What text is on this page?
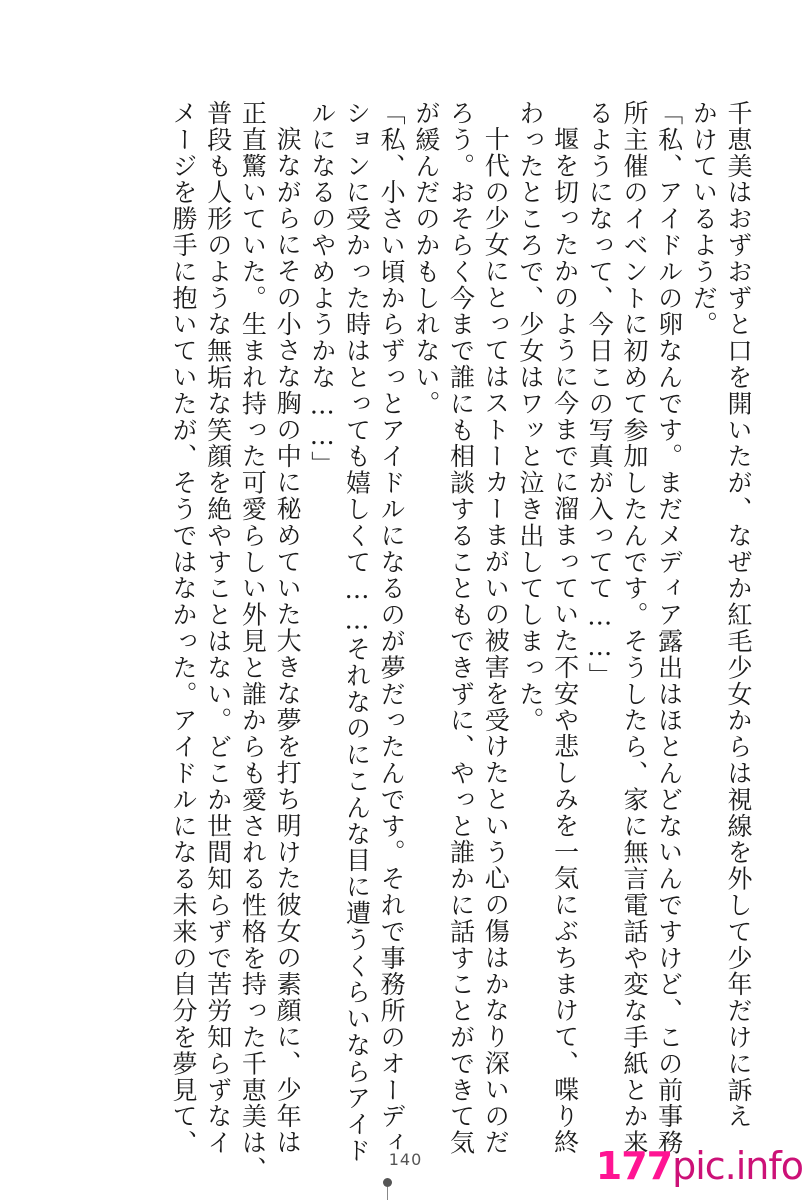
千恵美はおずおずと口を開いたが、なぜか紅毛少女からは視線を外して少年だけに訴え
かけているようだ。
「私、アイドルの卵なんです。まだメディア露出はほとんどないんですけど、この前事務
所主催のイベントに初めて参加したんです。そうしたら、家に無言電話や変な手紙とか来
るようになって、今日この写真が入ってて……」
堰を切ったかのように今までに溜まっていた不安や悲しみを一気にぶちまけて、喋り終
わったところで、少女はワッと泣き出してしまった。
十代の少女にとってはストーカーまがいの被害を受けたという心の傷はかなり深いのだ
ろう。おそらく今まで誰にも相談することもできずに、やっと誰かに話すことができて気
が緩んだのかもしれない。
「私、小さい頃からずっとアイドルになるのが夢だったんです。それで事務所のオーディ
ションに受かった時はとっても嬉しくて……それなのにこんな目に遭うくらいならアイド
ルになるのやめようかな……」
涙ながらにその小さな胸の中に秘めていた大きな夢を打ち明けた彼女の素顔に、少年は
正直驚いていた。生まれ持った可愛らしい外見と誰からも愛される性格を持った千恵美は、
普段も人形のような無垢な笑顔を絶やすことはない。どこか世間知らずで苦労知らずなイ
メージを勝手に抱いていたが、そうではなかった。アイドルになる未来の自分を夢見て、
140	177pic.info
